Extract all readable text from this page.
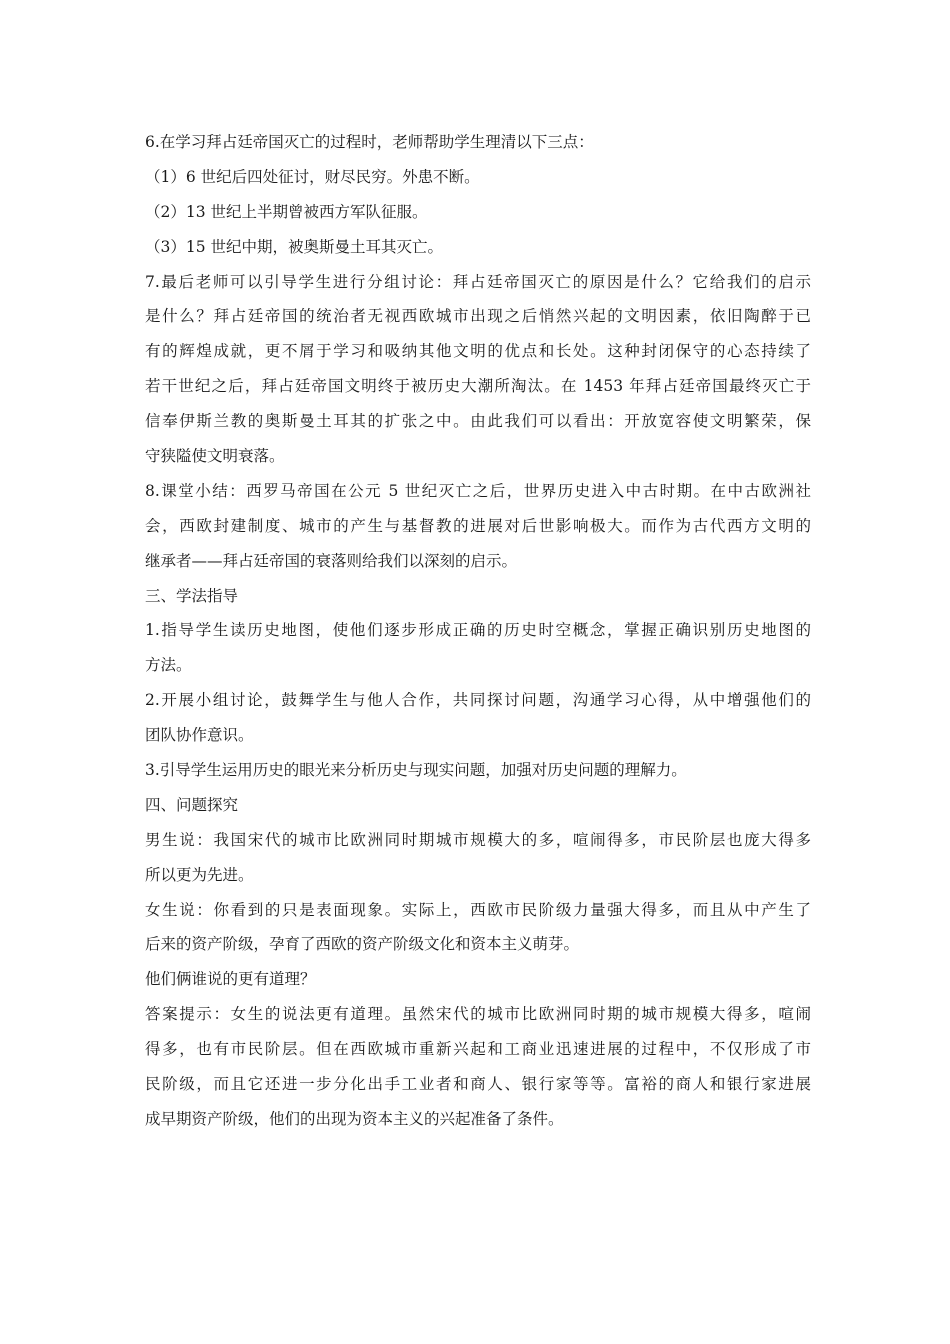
6.在学习拜占廷帝国灭亡的过程时，老师帮助学生理清以下三点：
（1）6 世纪后四处征讨，财尽民穷。外患不断。
（2）13 世纪上半期曾被西方军队征服。
（3）15 世纪中期，被奥斯曼土耳其灭亡。
7.最后老师可以引导学生进行分组讨论：拜占廷帝国灭亡的原因是什么？它给我们的启示
是什么？拜占廷帝国的统治者无视西欧城市出现之后悄然兴起的文明因素，依旧陶醉于已
有的辉煌成就，更不屑于学习和吸纳其他文明的优点和长处。这种封闭保守的心态持续了
若干世纪之后，拜占廷帝国文明终于被历史大潮所淘汰。在 1453 年拜占廷帝国最终灭亡于
信奉伊斯兰教的奥斯曼土耳其的扩张之中。由此我们可以看出：开放宽容使文明繁荣，保
守狭隘使文明衰落。
8.课堂小结：西罗马帝国在公元 5 世纪灭亡之后，世界历史进入中古时期。在中古欧洲社
会，西欧封建制度、城市的产生与基督教的进展对后世影响极大。而作为古代西方文明的
继承者——拜占廷帝国的衰落则给我们以深刻的启示。
三、学法指导
1.指导学生读历史地图，使他们逐步形成正确的历史时空概念，掌握正确识别历史地图的
方法。
2.开展小组讨论，鼓舞学生与他人合作，共同探讨问题，沟通学习心得，从中增强他们的
团队协作意识。
3.引导学生运用历史的眼光来分析历史与现实问题，加强对历史问题的理解力。
四、问题探究
男生说：我国宋代的城市比欧洲同时期城市规模大的多，喧闹得多，市民阶层也庞大得多
所以更为先进。
女生说：你看到的只是表面现象。实际上，西欧市民阶级力量强大得多，而且从中产生了
后来的资产阶级，孕育了西欧的资产阶级文化和资本主义萌芽。
他们俩谁说的更有道理？
答案提示：女生的说法更有道理。虽然宋代的城市比欧洲同时期的城市规模大得多，喧闹
得多，也有市民阶层。但在西欧城市重新兴起和工商业迅速进展的过程中，不仅形成了市
民阶级，而且它还进一步分化出手工业者和商人、银行家等等。富裕的商人和银行家进展
成早期资产阶级，他们的出现为资本主义的兴起准备了条件。
